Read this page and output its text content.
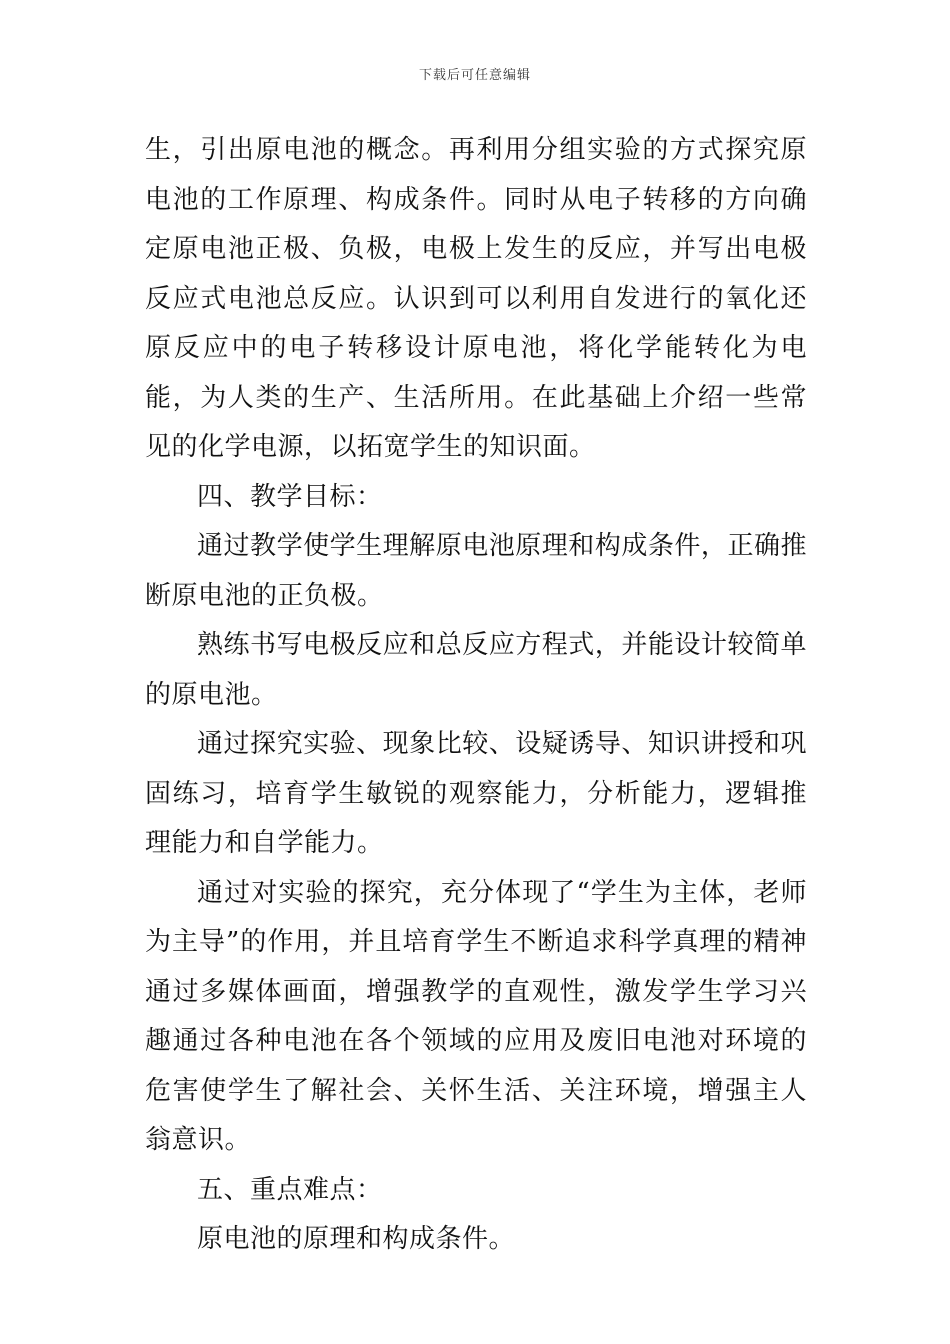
下载后可任意编辑

生，引出原电池的概念。再利用分组实验的方式探究原电池的工作原理、构成条件。同时从电子转移的方向确定原电池正极、负极，电极上发生的反应，并写出电极反应式电池总反应。认识到可以利用自发进行的氧化还原反应中的电子转移设计原电池，将化学能转化为电能，为人类的生产、生活所用。在此基础上介绍一些常见的化学电源，以拓宽学生的知识面。

四、教学目标：

通过教学使学生理解原电池原理和构成条件，正确推断原电池的正负极。

熟练书写电极反应和总反应方程式，并能设计较简单的原电池。

通过探究实验、现象比较、设疑诱导、知识讲授和巩固练习，培育学生敏锐的观察能力，分析能力，逻辑推理能力和自学能力。

通过对实验的探究，充分体现了“学生为主体，老师为主导”的作用，并且培育学生不断追求科学真理的精神通过多媒体画面，增强教学的直观性，激发学生学习兴趣通过各种电池在各个领域的应用及废旧电池对环境的危害使学生了解社会、关怀生活、关注环境，增强主人翁意识。

五、重点难点：

原电池的原理和构成条件。
